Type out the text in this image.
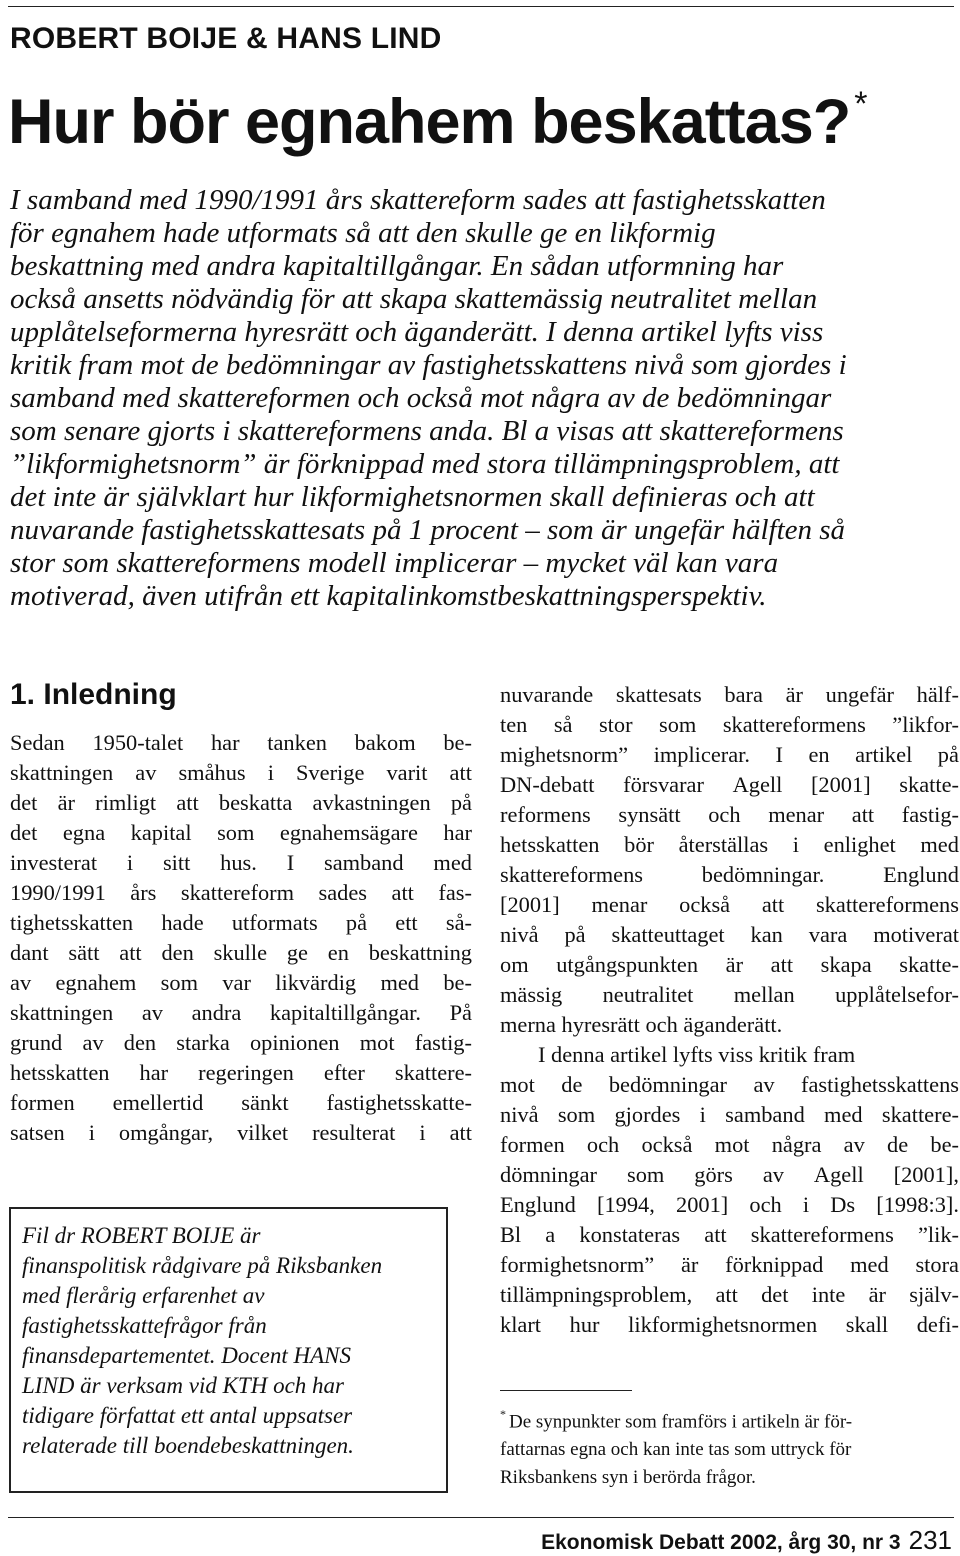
ROBERT BOIJE & HANS LIND
Hur bör egnahem beskattas? *

I samband med 1990/1991 års skattereform sades att fastighetsskatten
för egnahem hade utformats så att den skulle ge en likformig
beskattning med andra kapitaltillgångar. En sådan utformning har
också ansetts nödvändig för att skapa skattemässig neutralitet mellan
upplåtelseformerna hyresrätt och äganderätt. I denna artikel lyfts viss
kritik fram mot de bedömningar av fastighetsskattens nivå som gjordes i
samband med skattereformen och också mot några av de bedömningar
som senare gjorts i skattereformens anda. Bl a visas att skattereformens
”likformighetsnorm” är förknippad med stora tillämpningsproblem, att
det inte är självklart hur likformighetsnormen skall definieras och att
nuvarande fastighetsskattesats på 1 procent – som är ungefär hälften så
stor som skattereformens modell implicerar – mycket väl kan vara
motiverad, även utifrån ett kapitalinkomstbeskattningsperspektiv.

1. Inledning
Sedan 1950-talet har tanken bakom be-
skattningen av småhus i Sverige varit att
det är rimligt att beskatta avkastningen på
det egna kapital som egnahemsägare har
investerat i sitt hus. I samband med
1990/1991 års skattereform sades att fas-
tighetsskatten hade utformats på ett så-
dant sätt att den skulle ge en beskattning
av egnahem som var likvärdig med be-
skattningen av andra kapitaltillgångar. På
grund av den starka opinionen mot fastig-
hetsskatten har regeringen efter skattere-
formen emellertid sänkt fastighetsskatte-
satsen i omgångar, vilket resulterat i att
nuvarande skattesats bara är ungefär hälf-
ten så stor som skattereformens ”likfor-
mighetsnorm” implicerar. I en artikel på
DN-debatt försvarar Agell [2001] skatte-
reformens synsätt och menar att fastig-
hetsskatten bör återställas i enlighet med
skattereformens	bedömningar.	Englund
[2001] menar också att skattereformens
nivå på skatteuttaget kan vara motiverat
om utgångspunkten är att skapa skatte-
mässig neutralitet mellan upplåtelsefor-
merna hyresrätt och äganderätt.
I denna artikel lyfts viss kritik fram
mot de bedömningar av fastighetsskattens
nivå som gjordes i samband med skattere-
formen och också mot några av de be-
dömningar som görs av Agell [2001],
Englund [1994, 2001] och i Ds [1998:3].
Bl a konstateras att skattereformens ”lik-
formighetsnorm” är förknippad med stora
tillämpningsproblem, att det inte är själv-
klart hur likformighetsnormen skall defi-
Fil dr ROBERT BOIJE är
finanspolitisk rådgivare på Riksbanken
med flerårig erfarenhet av
fastighetsskattefrågor från
finansdepartementet. Docent HANS
LIND är verksam vid KTH och har
tidigare författat ett antal uppsatser
relaterade till boendebeskattningen.
* De synpunkter som framförs i artikeln är för-
fattarnas egna och kan inte tas som uttryck för
Riksbankens syn i berörda frågor.
Ekonomisk Debatt 2002, årg 30, nr 3 231
